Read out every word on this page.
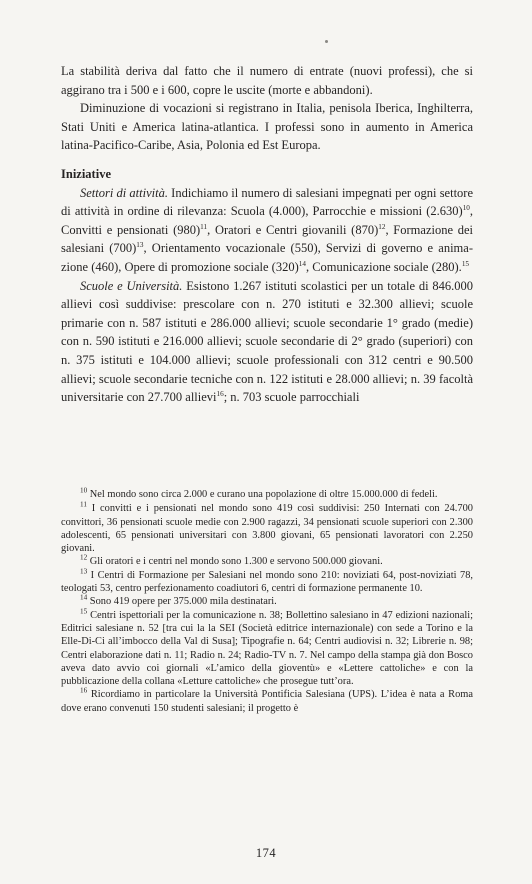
La stabilità deriva dal fatto che il numero di entrate (nuovi professi), che si aggirano tra i 500 e i 600, copre le uscite (morte e abbandoni).

Diminuzione di vocazioni si registrano in Italia, penisola Iberica, Inghilterra, Stati Uniti e America latina-atlantica. I professi sono in aumento in America latina-Pacifico-Caribe, Asia, Polonia ed Est Europa.

Iniziative

Settori di attività. Indichiamo il numero di salesiani impegnati per ogni settore di attività in ordine di rilevanza: Scuola (4.000), Parrocchie e missioni $(2.630)^{10}$, Convitti e pensionati $(980)^{11}$, Oratori e Centri giovanili $(870)^{12}$, Formazione dei salesiani $(700)^{13}$, Orientamento vocazionale (550), Servizi di governo e animazione (460), Opere di promozione sociale $(320)^{14}$, Comunicazione sociale (280).$^{15}$

Scuole e Università. Esistono 1.267 istituti scolastici per un totale di 846.000 allievi così suddivise: prescolare con n. 270 istituti e 32.300 allievi; scuole primarie con n. 587 istituti e 286.000 allievi; scuole secondarie 1° grado (medie) con n. 590 istituti e 216.000 allievi; scuole secondarie di 2° grado (superiori) con n. 375 istituti e 104.000 allievi; scuole professionali con 312 centri e 90.500 allievi; scuole secondarie tecniche con n. 122 istituti e 28.000 allievi; n. 39 facoltà universitarie con 27.700 allievi$^{16}$; n. 703 scuole parrocchiali

$^{10}$ Nel mondo sono circa 2.000 e curano una popolazione di oltre 15.000.000 di fedeli.

$^{11}$ I convitti e i pensionati nel mondo sono 419 così suddivisi: 250 Internati con 24.700 convittori, 36 pensionati scuole medie con 2.900 ragazzi, 34 pensionati scuole superiori con 2.300 adolescenti, 65 pensionati universitari con 3.800 giovani, 65 pensionati lavoratori con 2.250 giovani.

$^{12}$ Gli oratori e i centri nel mondo sono 1.300 e servono 500.000 giovani.

$^{13}$ I Centri di Formazione per Salesiani nel mondo sono 210: noviziati 64, post-noviziati 78, teologati 53, centro perfezionamento coadiutori 6, centri di formazione permanente 10.

$^{14}$ Sono 419 opere per 375.000 mila destinatari.

$^{15}$ Centri ispettoriali per la comunicazione n. 38; Bollettino salesiano in 47 edizioni nazionali; Editrici salesiane n. 52 [tra cui la la SEI (Società editrice internazionale) con sede a Torino e la Elle-Di-Ci all’imbocco della Val di Susa]; Tipografie n. 64; Centri audiovisi n. 32; Librerie n. 98; Centri elaborazione dati n. 11; Radio n. 24; Radio-TV n. 7. Nel campo della stampa già don Bosco aveva dato avvio coi giornali «L’amico della gioventù» e «Lettere cattoliche» e con la pubblicazione della collana «Letture cattoliche» che prosegue tutt’ora.

$^{16}$ Ricordiamo in particolare la Università Pontificia Salesiana (UPS). L’idea è nata a Roma dove erano convenuti 150 studenti salesiani; il progetto è

174
